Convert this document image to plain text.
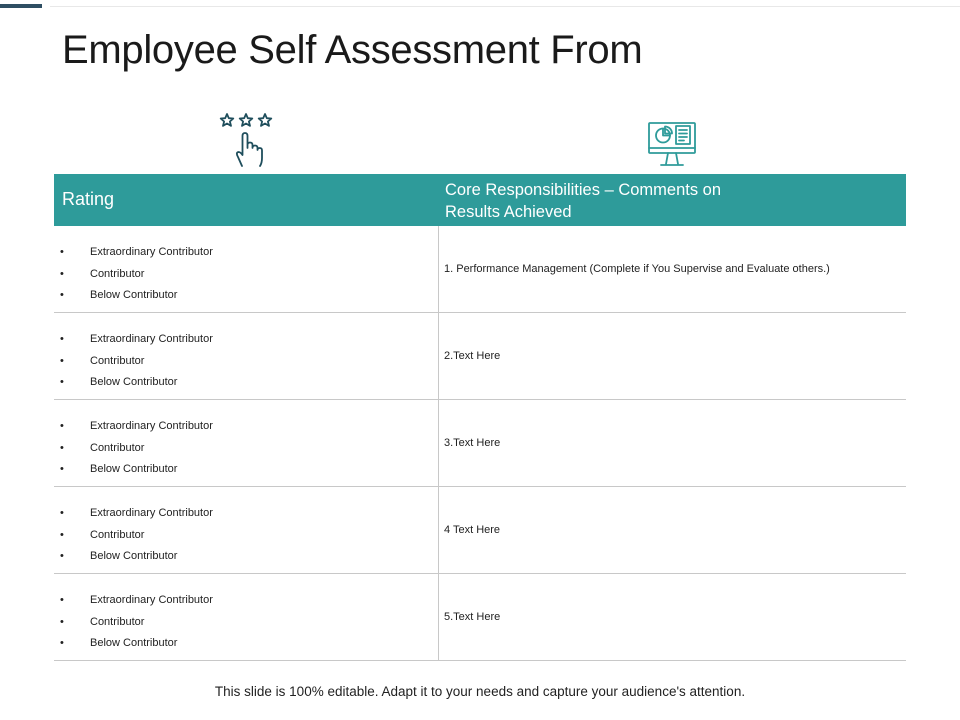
Employee Self Assessment From
Rating	Core Responsibilities – Comments on
Results Achieved
• Extraordinary Contributor
• Contributor
• Below Contributor
1. Performance Management (Complete if You Supervise and Evaluate others.)
• Extraordinary Contributor
• Contributor
• Below Contributor
2.Text Here
• Extraordinary Contributor
• Contributor
• Below Contributor
3.Text Here
• Extraordinary Contributor
• Contributor
• Below Contributor
4 Text Here
• Extraordinary Contributor
• Contributor
• Below Contributor
5.Text Here
This slide is 100% editable. Adapt it to your needs and capture your audience's attention.
